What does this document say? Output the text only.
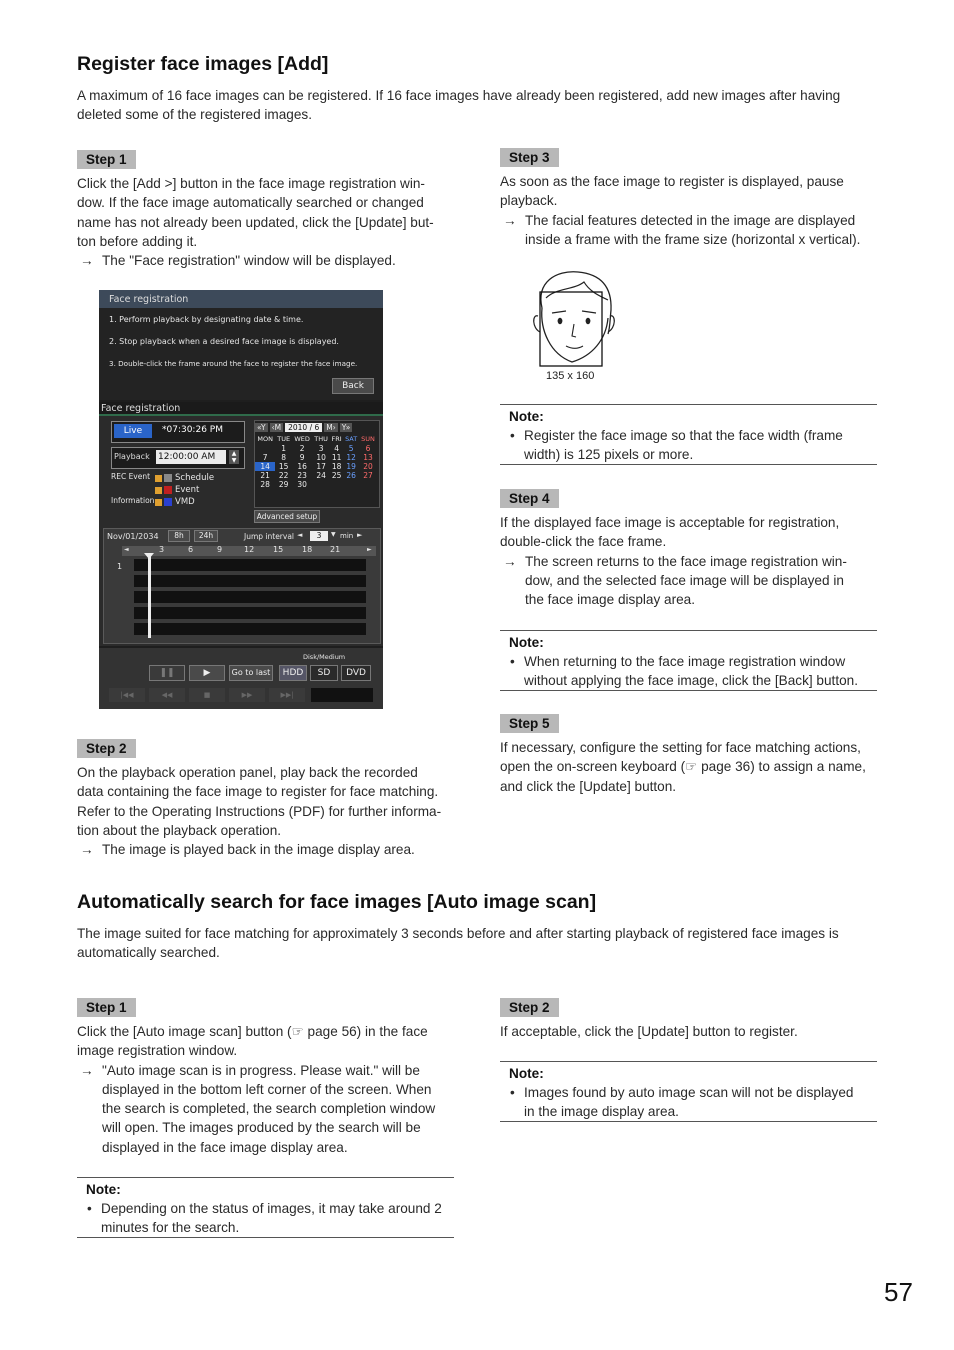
Register face images [Add]
A maximum of 16 face images can be registered. If 16 face images have already been registered, add new images after having deleted some of the registered images.
Step 1
Click the [Add >] button in the face image registration win-
dow. If the face image automatically searched or changed
name has not already been updated, click the [Update] but-
ton before adding it.
→ The "Face registration" window will be displayed.
Face registration
1. Perform playback by designating date & time.
2. Stop playback when a desired face image is displayed.
3. Double-click the frame around the face to register the face image.
Back
Face registration
Live	*07:30:26 PM
Playback 12:00:00 AM	▲
▼
REC Event
Information
Schedule
Event
VMD
«Y ‹M 2010 / 6 M› Y»
MON	TUE	WED	THU	FRI	SAT	SUN
	1	2	3	4	5	6
7	8	9	10	11	12	13
14	15	16	17	18	19	20
21	22	23	24	25	26	27
28	29	30				
Advanced setup
Nov/01/2034	8h	24h	Jump interval ◄	3	▼ min ►
◄	3	6	9	12 15 18 21	►
1
Disk/Medium
❚❚	▶	Go to last	HDD	SD	DVD
|◀◀	◀◀	■	▶▶	▶▶|
Step 2
On the playback operation panel, play back the recorded
data containing the face image to register for face matching.
Refer to the Operating Instructions (PDF) for further informa-
tion about the playback operation.
→ The image is played back in the image display area.
Step 3
As soon as the face image to register is displayed, pause
playback.
→ The facial features detected in the image are displayed
inside a frame with the frame size (horizontal x vertical).
135 x 160
Note:
• Register the face image so that the face width (frame
width) is 125 pixels or more.
Step 4
If the displayed face image is acceptable for registration,
double-click the face frame.
→ The screen returns to the face image registration win-
dow, and the selected face image will be displayed in
the face image display area.
Note:
• When returning to the face image registration window
without applying the face image, click the [Back] button.
Step 5
If necessary, configure the setting for face matching actions,
open the on-screen keyboard (☞ page 36) to assign a name,
and click the [Update] button.
Automatically search for face images [Auto image scan]
The image suited for face matching for approximately 3 seconds before and after starting playback of registered face images is automatically searched.
Step 1
Click the [Auto image scan] button (☞ page 56) in the face
image registration window.
→ "Auto image scan is in progress. Please wait." will be
displayed in the bottom left corner of the screen. When
the search is completed, the search completion window
will open. The images produced by the search will be
displayed in the face image display area.
Note:
• Depending on the status of images, it may take around 2
minutes for the search.
Step 2
If acceptable, click the [Update] button to register.
Note:
• Images found by auto image scan will not be displayed
in the image display area.
57
